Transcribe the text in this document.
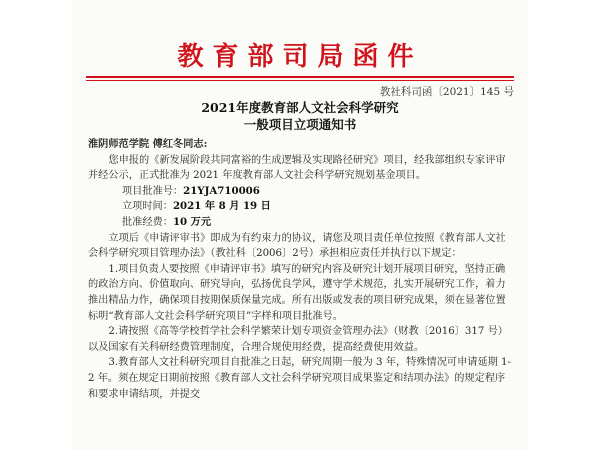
教育部司局函件
教社科司函〔2021〕145 号
2021年度教育部人文社会科学研究
一般项目立项通知书

淮阴师范学院 傅红冬同志:

您申报的《新发展阶段共同富裕的生成逻辑及实现路径研究》项目，经我部组织专家评审并经公示，正式批准为 2021 年度教育部人文社会科学研究规划基金项目。

项目批准号：21YJA710006

立项时间：2021 年 8 月 19 日

批准经费：10 万元

立项后《申请评审书》即成为有约束力的协议，请您及项目责任单位按照《教育部人文社会科学研究项目管理办法》（教社科〔2006〕2号）承担相应责任并执行以下规定：

1.项目负责人要按照《申请评审书》填写的研究内容及研究计划开展项目研究，坚持正确的政治方向、价值取向、研究导向，弘扬优良学风，遵守学术规范，扎实开展研究工作，着力推出精品力作，确保项目按期保质保量完成。所有出版或发表的项目研究成果，须在显著位置标明“教育部人文社会科学研究项目”字样和项目批准号。

2.请按照《高等学校哲学社会科学繁荣计划专项资金管理办法》（财教〔2016〕317 号）以及国家有关科研经费管理制度，合理合规使用经费，提高经费使用效益。

3.教育部人文社科研究项目自批准之日起，研究周期一般为 3 年，特殊情况可申请延期 1-2 年。须在规定日期前按照《教育部人文社会科学研究项目成果鉴定和结项办法》的规定程序和要求申请结项，并提交
